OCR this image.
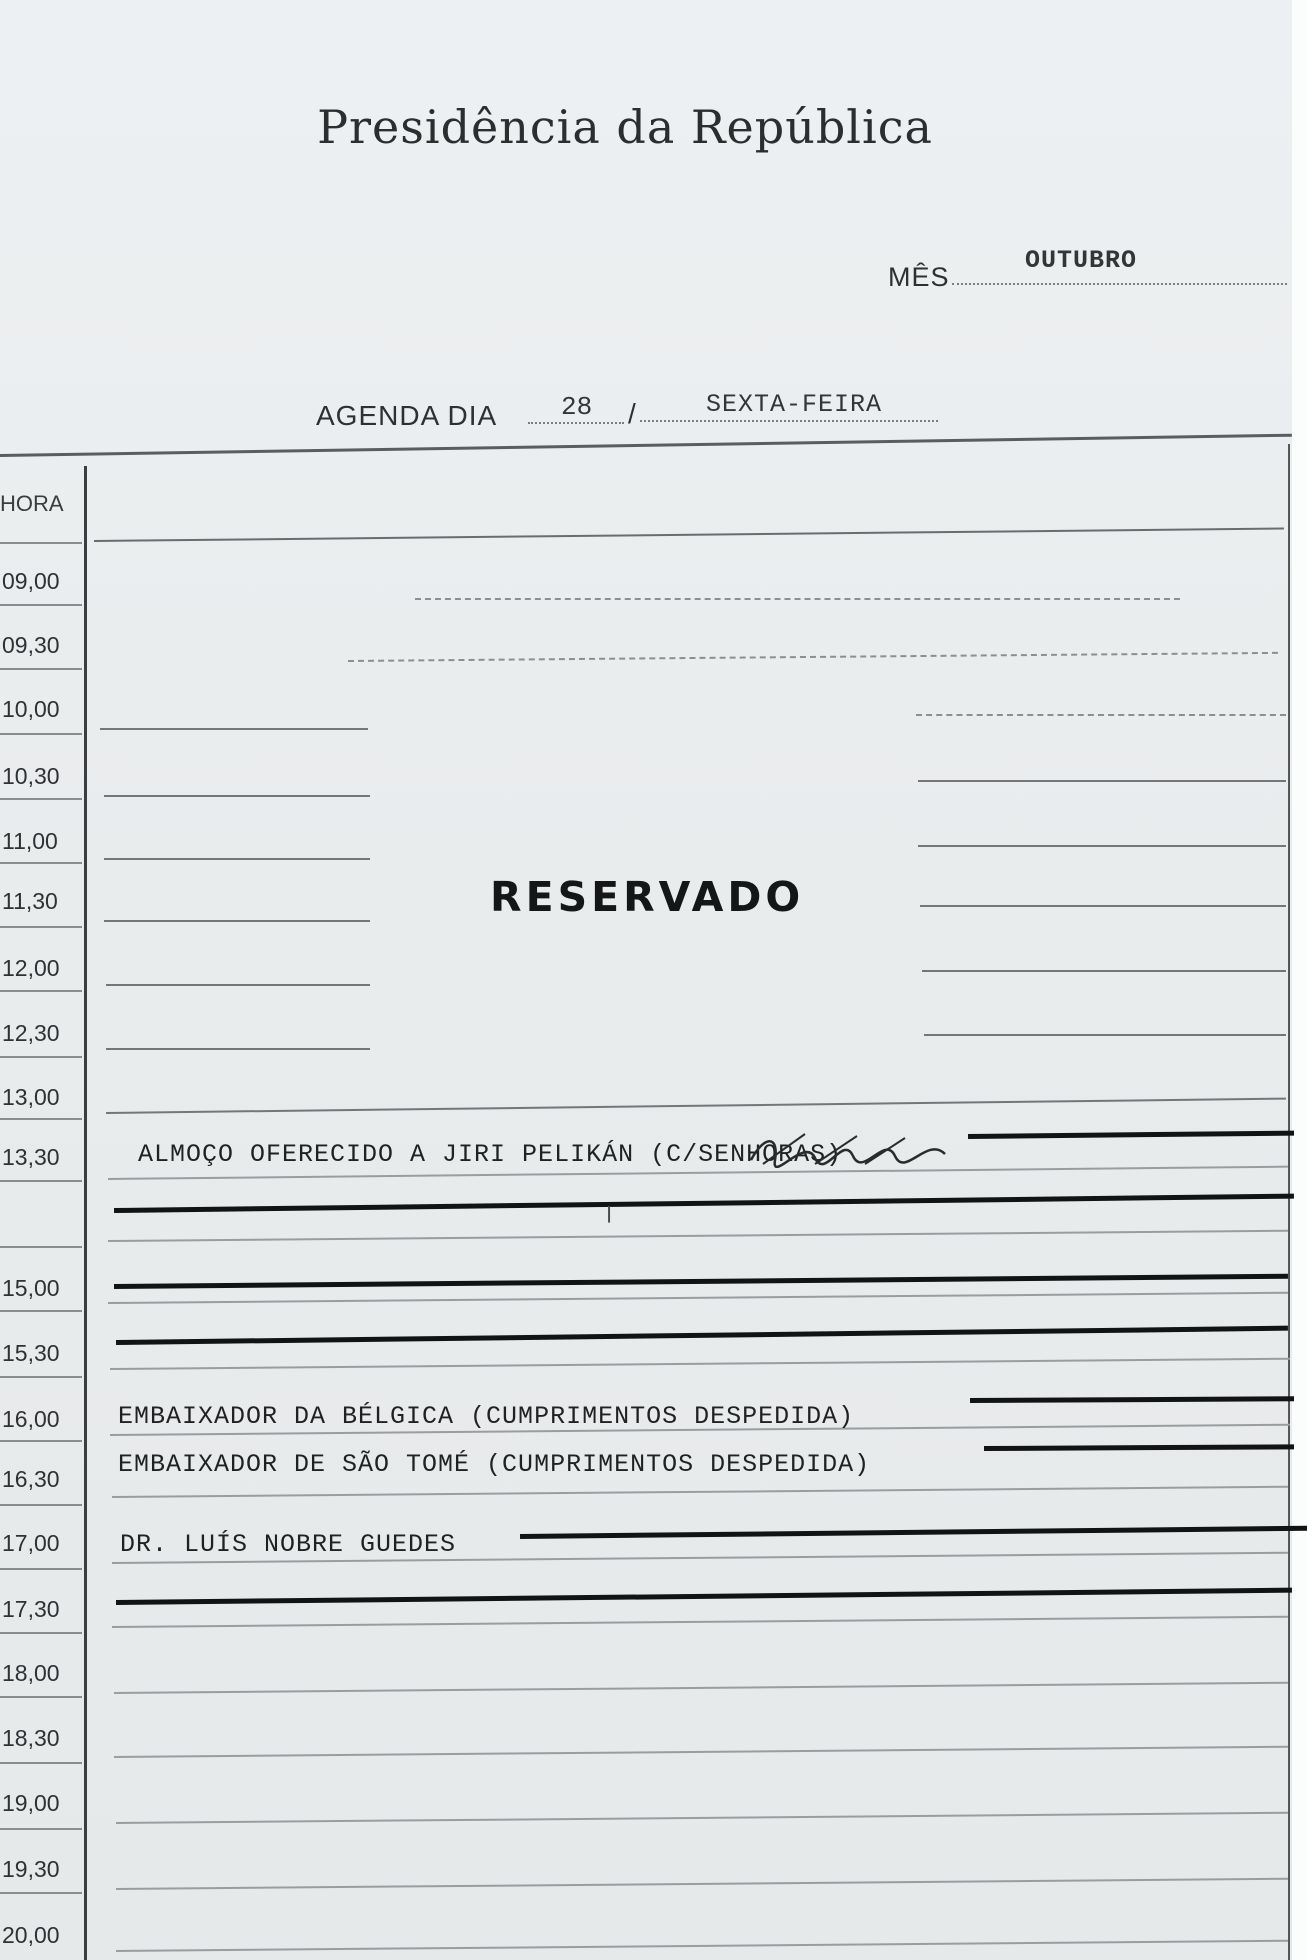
Presidência da República
MÊS
OUTUBRO
AGENDA DIA 28 /	SEXTA-FEIRA
HORA
09,00
09,30
10,00
10,30
11,00
11,30
12,00
12,30
13,00
13,30
15,00
15,30
16,00
16,30
17,00
17,30
18,00
18,30
19,00
19,30
20,00
RESERVADO
ALMOÇO OFERECIDO A JIRI PELIKÁN (C/SENHORAS)
ꞁ
EMBAIXADOR DA BÉLGICA (CUMPRIMENTOS DESPEDIDA)
EMBAIXADOR DE SÃO TOMÉ (CUMPRIMENTOS DESPEDIDA)
DR. LUÍS NOBRE GUEDES
